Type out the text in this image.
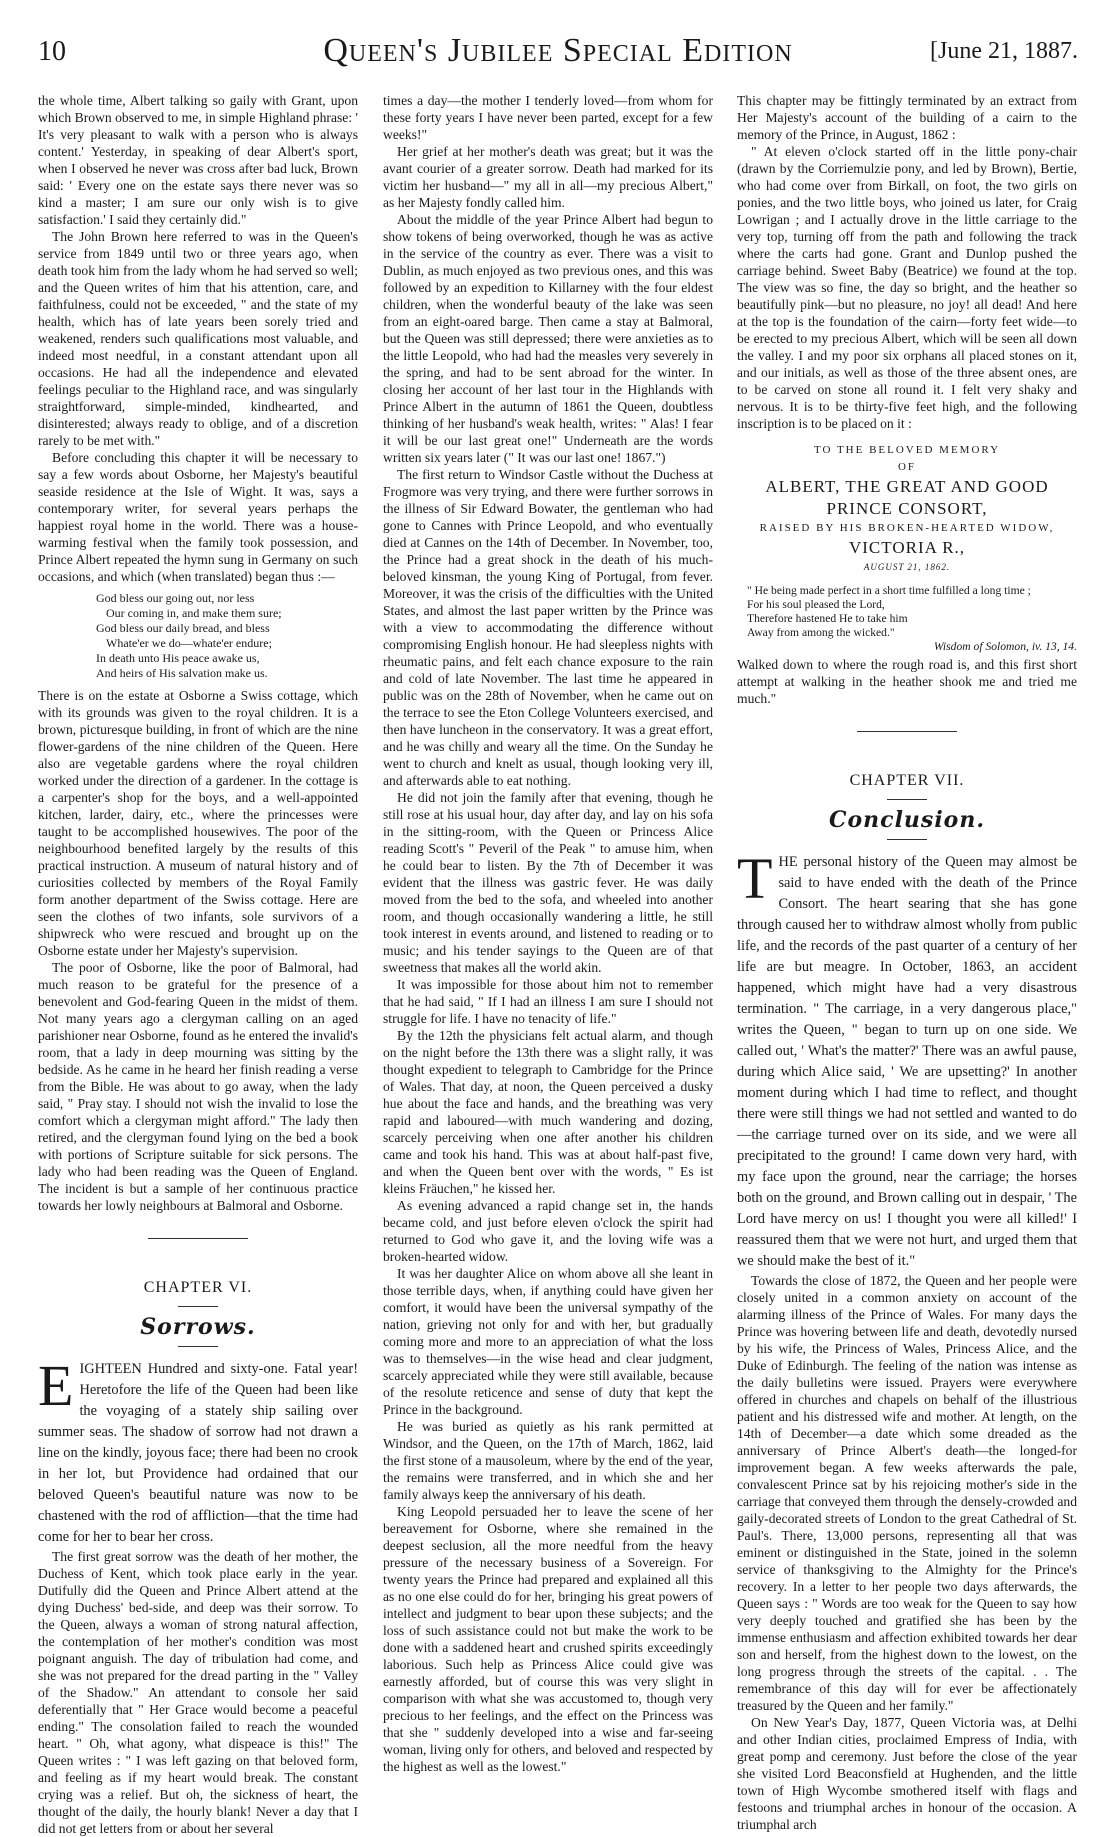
10	Queen's Jubilee Special Edition	[June 21, 1887.

the whole time, Albert talking so gaily with Grant, upon which Brown observed to me, in simple Highland phrase: ' It's very pleasant to walk with a person who is always content.' Yesterday, in speaking of dear Albert's sport, when I observed he never was cross after bad luck, Brown said: ' Every one on the estate says there never was so kind a master; I am sure our only wish is to give satisfaction.' I said they certainly did."

The John Brown here referred to was in the Queen's service from 1849 until two or three years ago, when death took him from the lady whom he had served so well; and the Queen writes of him that his attention, care, and faithfulness, could not be exceeded, " and the state of my health, which has of late years been sorely tried and weakened, renders such qualifications most valuable, and indeed most needful, in a constant attendant upon all occasions. He had all the independence and elevated feelings peculiar to the Highland race, and was singularly straightforward, simple-minded, kindhearted, and disinterested; always ready to oblige, and of a discretion rarely to be met with."

Before concluding this chapter it will be necessary to say a few words about Osborne, her Majesty's beautiful seaside residence at the Isle of Wight. It was, says a contemporary writer, for several years perhaps the happiest royal home in the world. There was a house-warming festival when the family took possession, and Prince Albert repeated the hymn sung in Germany on such occasions, and which (when translated) began thus :—

God bless our going out, nor less
Our coming in, and make them sure;
God bless our daily bread, and bless
Whate'er we do—whate'er endure;
In death unto His peace awake us,
And heirs of His salvation make us.

There is on the estate at Osborne a Swiss cottage, which with its grounds was given to the royal children. It is a brown, picturesque building, in front of which are the nine flower-gardens of the nine children of the Queen. Here also are vegetable gardens where the royal children worked under the direction of a gardener. In the cottage is a carpenter's shop for the boys, and a well-appointed kitchen, larder, dairy, etc., where the princesses were taught to be accomplished housewives. The poor of the neighbourhood benefited largely by the results of this practical instruction. A museum of natural history and of curiosities collected by members of the Royal Family form another department of the Swiss cottage. Here are seen the clothes of two infants, sole survivors of a shipwreck who were rescued and brought up on the Osborne estate under her Majesty's supervision.

The poor of Osborne, like the poor of Balmoral, had much reason to be grateful for the presence of a benevolent and God-fearing Queen in the midst of them. Not many years ago a clergyman calling on an aged parishioner near Osborne, found as he entered the invalid's room, that a lady in deep mourning was sitting by the bedside. As he came in he heard her finish reading a verse from the Bible. He was about to go away, when the lady said, " Pray stay. I should not wish the invalid to lose the comfort which a clergyman might afford." The lady then retired, and the clergyman found lying on the bed a book with portions of Scripture suitable for sick persons. The lady who had been reading was the Queen of England. The incident is but a sample of her continuous practice towards her lowly neighbours at Balmoral and Osborne.

CHAPTER VI.
Sorrows.

EIGHTEEN Hundred and sixty-one. Fatal year! Heretofore the life of the Queen had been like the voyaging of a stately ship sailing over summer seas. The shadow of sorrow had not drawn a line on the kindly, joyous face; there had been no crook in her lot, but Providence had ordained that our beloved Queen's beautiful nature was now to be chastened with the rod of affliction—that the time had come for her to bear her cross.

The first great sorrow was the death of her mother, the Duchess of Kent, which took place early in the year. Dutifully did the Queen and Prince Albert attend at the dying Duchess' bed-side, and deep was their sorrow. To the Queen, always a woman of strong natural affection, the contemplation of her mother's condition was most poignant anguish. The day of tribulation had come, and she was not prepared for the dread parting in the " Valley of the Shadow." An attendant to console her said deferentially that " Her Grace would become a peaceful ending." The consolation failed to reach the wounded heart. " Oh, what agony, what dispeace is this!" The Queen writes : " I was left gazing on that beloved form, and feeling as if my heart would break. The constant crying was a relief. But oh, the sickness of heart, the thought of the daily, the hourly blank! Never a day that I did not get letters from or about her several

times a day—the mother I tenderly loved—from whom for these forty years I have never been parted, except for a few weeks!"

Her grief at her mother's death was great; but it was the avant courier of a greater sorrow. Death had marked for its victim her husband—" my all in all—my precious Albert," as her Majesty fondly called him.

About the middle of the year Prince Albert had begun to show tokens of being overworked, though he was as active in the service of the country as ever. There was a visit to Dublin, as much enjoyed as two previous ones, and this was followed by an expedition to Killarney with the four eldest children, when the wonderful beauty of the lake was seen from an eight-oared barge. Then came a stay at Balmoral, but the Queen was still depressed; there were anxieties as to the little Leopold, who had had the measles very severely in the spring, and had to be sent abroad for the winter. In closing her account of her last tour in the Highlands with Prince Albert in the autumn of 1861 the Queen, doubtless thinking of her husband's weak health, writes: " Alas! I fear it will be our last great one!" Underneath are the words written six years later (" It was our last one! 1867.")

The first return to Windsor Castle without the Duchess at Frogmore was very trying, and there were further sorrows in the illness of Sir Edward Bowater, the gentleman who had gone to Cannes with Prince Leopold, and who eventually died at Cannes on the 14th of December. In November, too, the Prince had a great shock in the death of his much-beloved kinsman, the young King of Portugal, from fever. Moreover, it was the crisis of the difficulties with the United States, and almost the last paper written by the Prince was with a view to accommodating the difference without compromising English honour. He had sleepless nights with rheumatic pains, and felt each chance exposure to the rain and cold of late November. The last time he appeared in public was on the 28th of November, when he came out on the terrace to see the Eton College Volunteers exercised, and then have luncheon in the conservatory. It was a great effort, and he was chilly and weary all the time. On the Sunday he went to church and knelt as usual, though looking very ill, and afterwards able to eat nothing.

He did not join the family after that evening, though he still rose at his usual hour, day after day, and lay on his sofa in the sitting-room, with the Queen or Princess Alice reading Scott's " Peveril of the Peak " to amuse him, when he could bear to listen. By the 7th of December it was evident that the illness was gastric fever. He was daily moved from the bed to the sofa, and wheeled into another room, and though occasionally wandering a little, he still took interest in events around, and listened to reading or to music; and his tender sayings to the Queen are of that sweetness that makes all the world akin.

It was impossible for those about him not to remember that he had said, " If I had an illness I am sure I should not struggle for life. I have no tenacity of life."

By the 12th the physicians felt actual alarm, and though on the night before the 13th there was a slight rally, it was thought expedient to telegraph to Cambridge for the Prince of Wales. That day, at noon, the Queen perceived a dusky hue about the face and hands, and the breathing was very rapid and laboured—with much wandering and dozing, scarcely perceiving when one after another his children came and took his hand. This was at about half-past five, and when the Queen bent over with the words, " Es ist kleins Fräuchen," he kissed her.

As evening advanced a rapid change set in, the hands became cold, and just before eleven o'clock the spirit had returned to God who gave it, and the loving wife was a broken-hearted widow.

It was her daughter Alice on whom above all she leant in those terrible days, when, if anything could have given her comfort, it would have been the universal sympathy of the nation, grieving not only for and with her, but gradually coming more and more to an appreciation of what the loss was to themselves—in the wise head and clear judgment, scarcely appreciated while they were still available, because of the resolute reticence and sense of duty that kept the Prince in the background.

He was buried as quietly as his rank permitted at Windsor, and the Queen, on the 17th of March, 1862, laid the first stone of a mausoleum, where by the end of the year, the remains were transferred, and in which she and her family always keep the anniversary of his death.

King Leopold persuaded her to leave the scene of her bereavement for Osborne, where she remained in the deepest seclusion, all the more needful from the heavy pressure of the necessary business of a Sovereign. For twenty years the Prince had prepared and explained all this as no one else could do for her, bringing his great powers of intellect and judgment to bear upon these subjects; and the loss of such assistance could not but make the work to be done with a saddened heart and crushed spirits exceedingly laborious. Such help as Princess Alice could give was earnestly afforded, but of course this was very slight in comparison with what she was accustomed to, though very precious to her feelings, and the effect on the Princess was that she " suddenly developed into a wise and far-seeing woman, living only for others, and beloved and respected by the highest as well as the lowest."

This chapter may be fittingly terminated by an extract from Her Majesty's account of the building of a cairn to the memory of the Prince, in August, 1862 :

" At eleven o'clock started off in the little pony-chair (drawn by the Corriemulzie pony, and led by Brown), Bertie, who had come over from Birkall, on foot, the two girls on ponies, and the two little boys, who joined us later, for Craig Lowrigan ; and I actually drove in the little carriage to the very top, turning off from the path and following the track where the carts had gone. Grant and Dunlop pushed the carriage behind. Sweet Baby (Beatrice) we found at the top. The view was so fine, the day so bright, and the heather so beautifully pink—but no pleasure, no joy! all dead! And here at the top is the foundation of the cairn—forty feet wide—to be erected to my precious Albert, which will be seen all down the valley. I and my poor six orphans all placed stones on it, and our initials, as well as those of the three absent ones, are to be carved on stone all round it. I felt very shaky and nervous. It is to be thirty-five feet high, and the following inscription is to be placed on it :

TO THE BELOVED MEMORY
OF
ALBERT, THE GREAT AND GOOD
PRINCE CONSORT,
RAISED BY HIS BROKEN-HEARTED WIDOW,
VICTORIA R.,
AUGUST 21, 1862.
" He being made perfect in a short time fulfilled a long time ;
For his soul pleased the Lord,
Therefore hastened He to take him
Away from among the wicked."
Wisdom of Solomon, iv. 13, 14.

Walked down to where the rough road is, and this first short attempt at walking in the heather shook me and tried me much."

CHAPTER VII.
Conclusion.

THE personal history of the Queen may almost be said to have ended with the death of the Prince Consort. The heart searing that she has gone through caused her to withdraw almost wholly from public life, and the records of the past quarter of a century of her life are but meagre. In October, 1863, an accident happened, which might have had a very disastrous termination. " The carriage, in a very dangerous place," writes the Queen, " began to turn up on one side. We called out, ' What's the matter?' There was an awful pause, during which Alice said, ' We are upsetting?' In another moment during which I had time to reflect, and thought there were still things we had not settled and wanted to do—the carriage turned over on its side, and we were all precipitated to the ground! I came down very hard, with my face upon the ground, near the carriage; the horses both on the ground, and Brown calling out in despair, ' The Lord have mercy on us! I thought you were all killed!' I reassured them that we were not hurt, and urged them that we should make the best of it."

Towards the close of 1872, the Queen and her people were closely united in a common anxiety on account of the alarming illness of the Prince of Wales. For many days the Prince was hovering between life and death, devotedly nursed by his wife, the Princess of Wales, Princess Alice, and the Duke of Edinburgh. The feeling of the nation was intense as the daily bulletins were issued. Prayers were everywhere offered in churches and chapels on behalf of the illustrious patient and his distressed wife and mother. At length, on the 14th of December—a date which some dreaded as the anniversary of Prince Albert's death—the longed-for improvement began. A few weeks afterwards the pale, convalescent Prince sat by his rejoicing mother's side in the carriage that conveyed them through the densely-crowded and gaily-decorated streets of London to the great Cathedral of St. Paul's. There, 13,000 persons, representing all that was eminent or distinguished in the State, joined in the solemn service of thanksgiving to the Almighty for the Prince's recovery. In a letter to her people two days afterwards, the Queen says : " Words are too weak for the Queen to say how very deeply touched and gratified she has been by the immense enthusiasm and affection exhibited towards her dear son and herself, from the highest down to the lowest, on the long progress through the streets of the capital. . . The remembrance of this day will for ever be affectionately treasured by the Queen and her family."

On New Year's Day, 1877, Queen Victoria was, at Delhi and other Indian cities, proclaimed Empress of India, with great pomp and ceremony. Just before the close of the year she visited Lord Beaconsfield at Hughenden, and the little town of High Wycombe smothered itself with flags and festoons and triumphal arches in honour of the occasion. A triumphal arch
